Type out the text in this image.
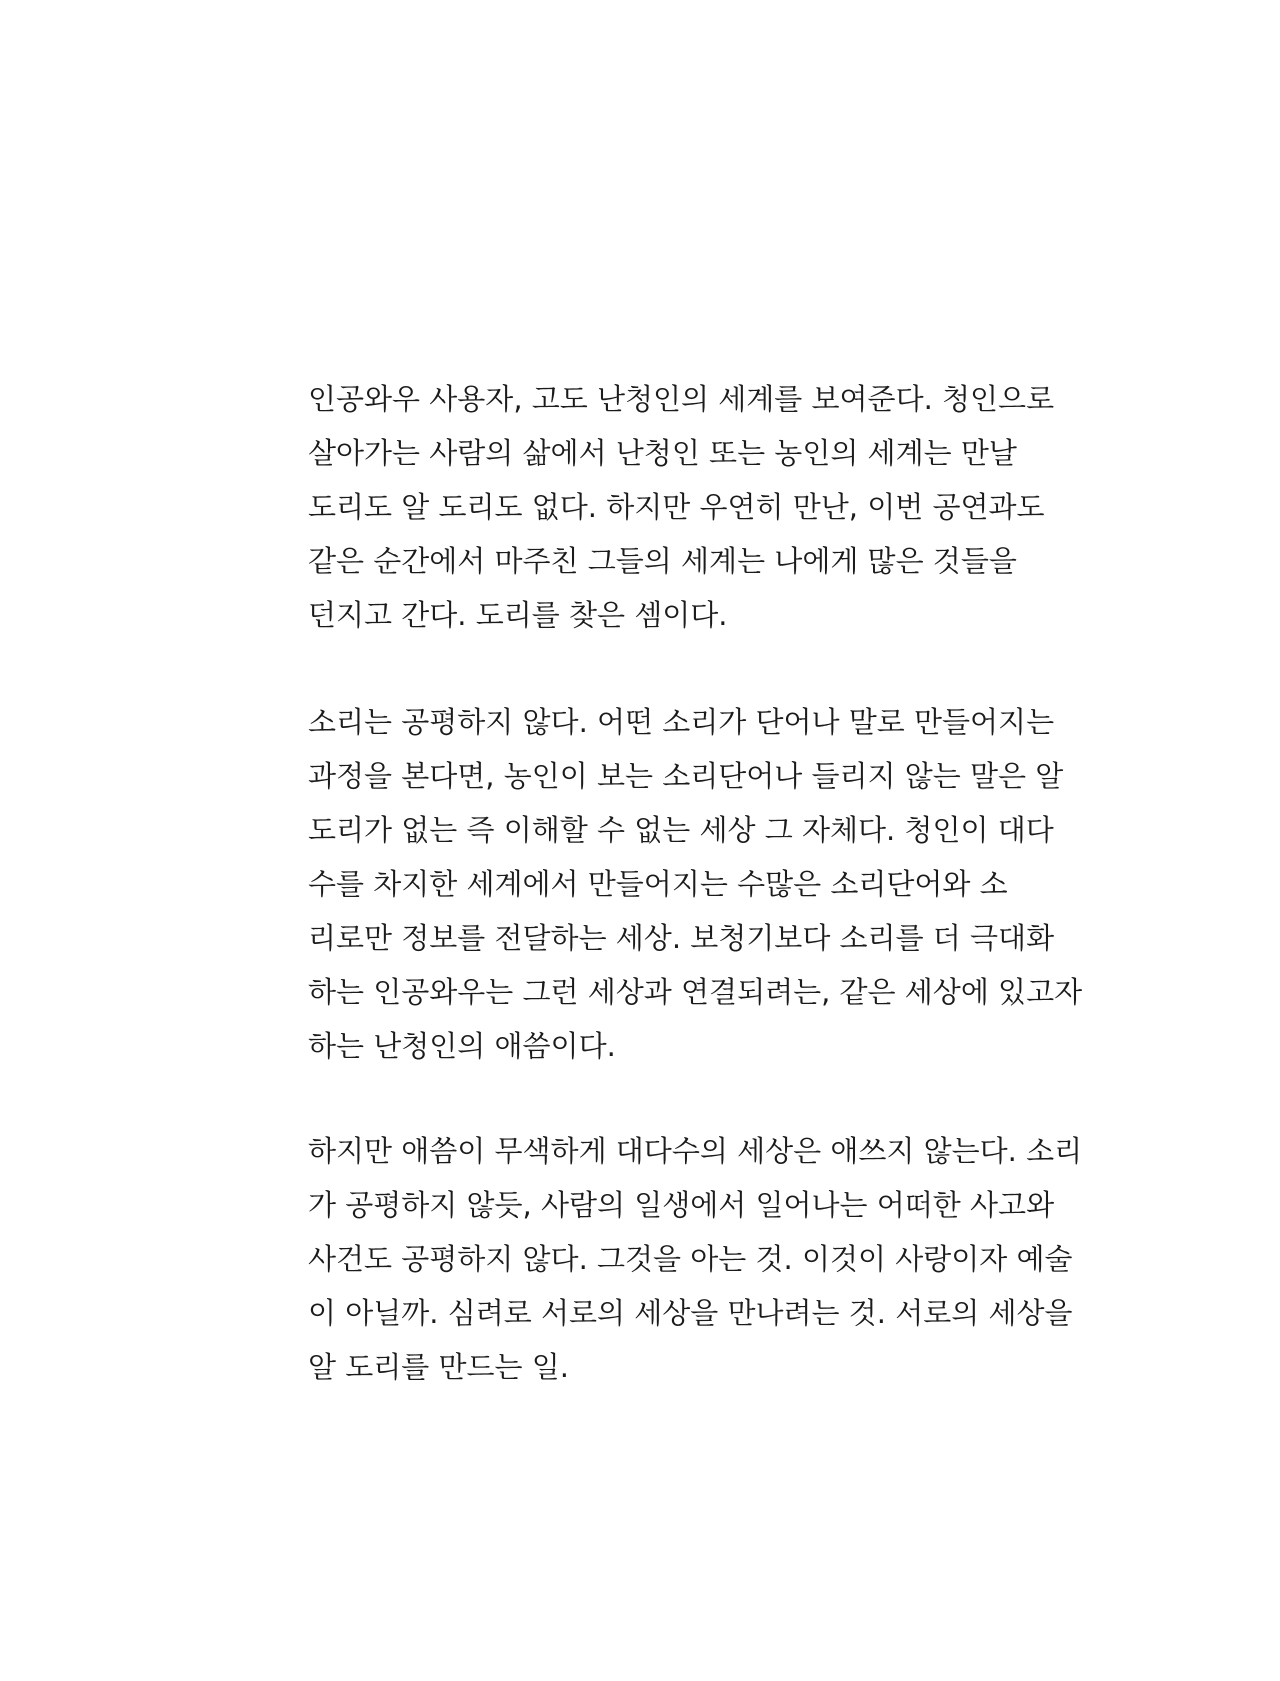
인공와우 사용자, 고도 난청인의 세계를 보여준다. 청인으로
살아가는 사람의 삶에서 난청인 또는 농인의 세계는 만날
도리도 알 도리도 없다. 하지만 우연히 만난, 이번 공연과도
같은 순간에서 마주친 그들의 세계는 나에게 많은 것들을
던지고 간다. 도리를 찾은 셈이다.
소리는 공평하지 않다. 어떤 소리가 단어나 말로 만들어지는
과정을 본다면, 농인이 보는 소리단어나 들리지 않는 말은 알
도리가 없는 즉 이해할 수 없는 세상 그 자체다. 청인이 대다
수를 차지한 세계에서 만들어지는 수많은 소리단어와 소
리로만 정보를 전달하는 세상. 보청기보다 소리를 더 극대화
하는 인공와우는 그런 세상과 연결되려는, 같은 세상에 있고자
하는 난청인의 애씀이다.
하지만 애씀이 무색하게 대다수의 세상은 애쓰지 않는다. 소리
가 공평하지 않듯, 사람의 일생에서 일어나는 어떠한 사고와
사건도 공평하지 않다. 그것을 아는 것. 이것이 사랑이자 예술
이 아닐까. 심려로 서로의 세상을 만나려는 것. 서로의 세상을
알 도리를 만드는 일.
